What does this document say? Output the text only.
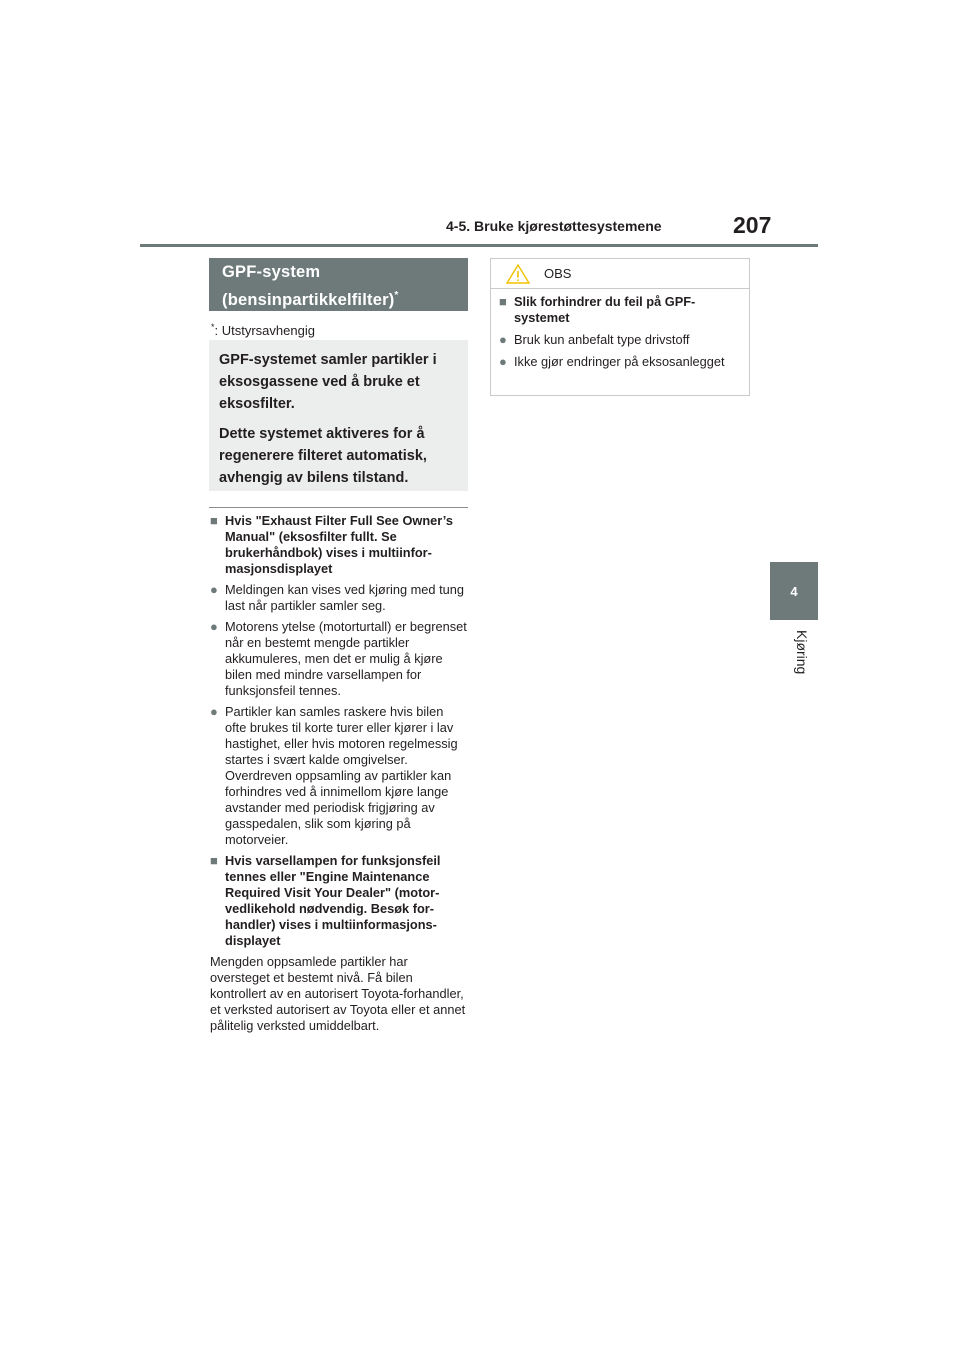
4-5. Bruke kjørestøttesystemene	207
4
Kjøring
GPF-system
(bensinpartikkelfilter)*
*: Utstyrsavhengig

GPF-systemet samler partikler i eksosgassene ved å bruke et eksosfilter.

Dette systemet aktiveres for å regenerere filteret automatisk, avhengig av bilens tilstand.

■ Hvis "Exhaust Filter Full See Owner’s Manual" (eksosfilter fullt. Se brukerhåndbok) vises i multiinformasjonsdisplayet
● Meldingen kan vises ved kjøring med tung last når partikler samler seg.
● Motorens ytelse (motorturtall) er begrenset når en bestemt mengde partikler akkumuleres, men det er mulig å kjøre bilen med mindre varsellampen for funksjonsfeil tennes.
● Partikler kan samles raskere hvis bilen ofte brukes til korte turer eller kjører i lav hastighet, eller hvis motoren regelmessig startes i svært kalde omgivelser. Overdreven oppsamling av partikler kan forhindres ved å innimellom kjøre lange avstander med periodisk frigjøring av gasspedalen, slik som kjøring på motorveier.
■ Hvis varsellampen for funksjonsfeil tennes eller "Engine Maintenance Required Visit Your Dealer" (motorvedlikehold nødvendig. Besøk forhandler) vises i multiinformasjonsdisplayet

Mengden oppsamlede partikler har oversteget et bestemt nivå. Få bilen kontrollert av en autorisert Toyota-forhandler, et verksted autorisert av Toyota eller et annet pålitelig verksted umiddelbart.

OBS
■ Slik forhindrer du feil på GPF-systemet
● Bruk kun anbefalt type drivstoff
● Ikke gjør endringer på eksosanlegget
